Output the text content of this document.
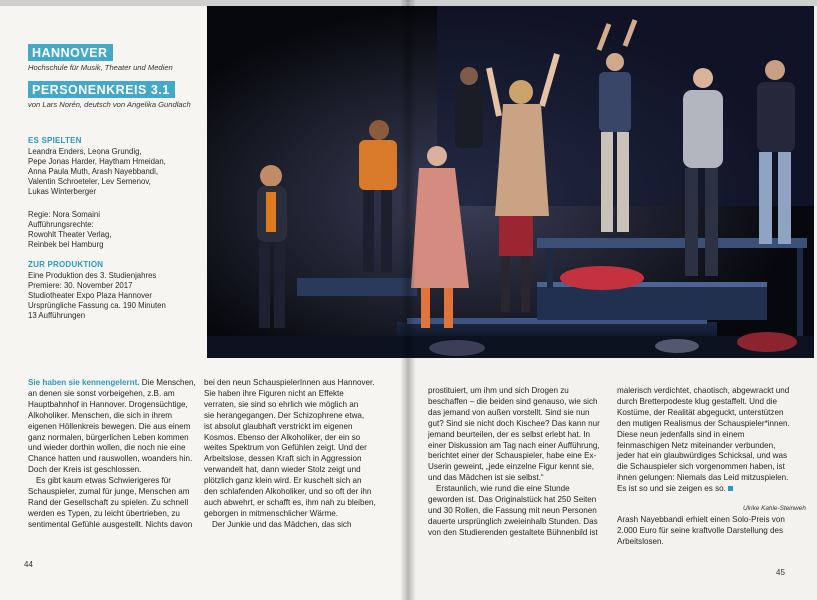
HANNOVER
Hochschule für Musik, Theater und Medien
PERSONENKREIS 3.1
von Lars Norén, deutsch von Angelika Gundlach
ES SPIELTEN
Leandra Enders, Leona Grundig,
Pepe Jonas Harder, Haytham Hmeidan,
Anna Paula Muth, Arash Nayebbandi,
Valentin Schroeteler, Lev Semenov,
Lukas Winterberger
Regie: Nora Somaini
Aufführungsrechte:
Rowohlt Theater Verlag,
Reinbek bei Hamburg
ZUR PRODUKTION
Eine Produktion des 3. Studienjahres
Premiere: 30. November 2017
Studiotheater Expo Plaza Hannover
Ursprüngliche Fassung ca. 190 Minuten
13 Aufführungen

Sie haben sie kennengelernt. Die Menschen,
an denen sie sonst vorbeigehen, z.B. am
Hauptbahnhof in Hannover. Drogensüchtige,
Alkoholiker. Menschen, die sich in ihrem
eigenen Höllenkreis bewegen. Die aus einem
ganz normalen, bürgerlichen Leben kommen
und wieder dorthin wollen, die noch nie eine
Chance hatten und rauswollen, woanders hin.
Doch der Kreis ist geschlossen.

Es gibt kaum etwas Schwierigeres für
Schauspieler, zumal für junge, Menschen am
Rand der Gesellschaft zu spielen. Zu schnell
werden es Typen, zu leicht übertrieben, zu
sentimental Gefühle ausgestellt. Nichts davon

bei den neun SchauspielerInnen aus Hannover.
Sie haben ihre Figuren nicht an Effekte
verraten, sie sind so ehrlich wie möglich an
sie herangegangen. Der Schizophrene etwa,
ist absolut glaubhaft verstrickt im eigenen
Kosmos. Ebenso der Alkoholiker, der ein so
weites Spektrum von Gefühlen zeigt. Und der
Arbeitslose, dessen Kraft sich in Aggression
verwandelt hat, dann wieder Stolz zeigt und
plötzlich ganz klein wird. Er kuschelt sich an
den schlafenden Alkoholiker, und so oft der ihn
auch abwehrt, er schafft es, ihm nah zu bleiben,
geborgen in mitmenschlicher Wärme.

Der Junkie und das Mädchen, das sich

prostituiert, um ihm und sich Drogen zu
beschaffen – die beiden sind genauso, wie sich
das jemand von außen vorstellt. Sind sie nun
gut? Sind sie nicht doch Kischee? Das kann nur
jemand beurteilen, der es selbst erlebt hat. In
einer Diskussion am Tag nach einer Aufführung,
berichtet einer der Schauspieler, habe eine Ex-
Userin geweint, „jede einzelne Figur kennt sie,
und das Mädchen ist sie selbst.“

Erstaunlich, wie rund die eine Stunde
geworden ist. Das Originalstück hat 250 Seiten
und 30 Rollen, die Fassung mit neun Personen
dauerte ursprünglich zweieinhalb Stunden. Das
von den Studierenden gestaltete Bühnenbild ist

malerisch verdichtet, chaotisch, abgewrackt und
durch Bretterpodeste klug gestaffelt. Und die
Kostüme, der Realität abgeguckt, unterstützen
den mutigen Realismus der Schauspieler*innen.
Diese neun jedenfalls sind in einem
feinmaschigen Netz miteinander verbunden,
jeder hat ein glaubwürdiges Schicksal, und was
die Schauspieler sich vorgenommen haben, ist
ihnen gelungen: Niemals das Leid mitzuspielen.
Es ist so und sie zeigen es so.

Arash Nayebbandi erhielt einen Solo-Preis von
2.000 Euro für seine kraftvolle Darstellung des
Arbeitslosen.

Ulrike Kahle-Steinweh
44
45
